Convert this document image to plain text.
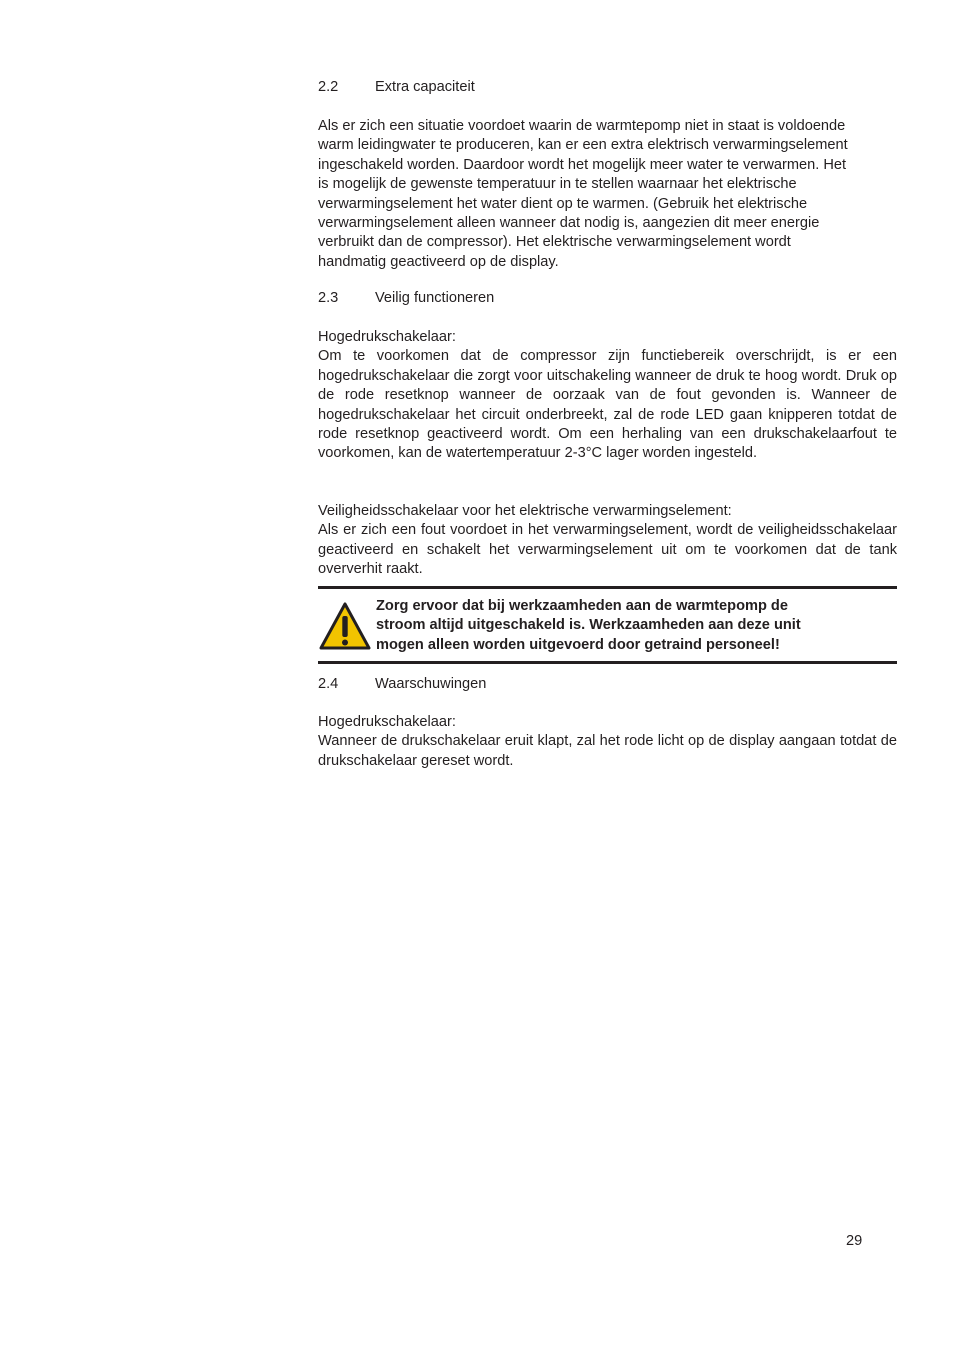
2.2	Extra capaciteit
Als er zich een situatie voordoet waarin de warmtepomp niet in staat is voldoende
warm leidingwater te produceren, kan er een extra elektrisch verwarmingselement
ingeschakeld worden. Daardoor wordt het mogelijk meer water te verwarmen. Het
is mogelijk de gewenste temperatuur in te stellen waarnaar het elektrische
verwarmingselement het water dient op te warmen. (Gebruik het elektrische
verwarmingselement alleen wanneer dat nodig is, aangezien dit meer energie
verbruikt dan de compressor). Het elektrische verwarmingselement wordt
handmatig geactiveerd op de display.
2.3	Veilig functioneren

Hogedrukschakelaar:

Om te voorkomen dat de compressor zijn functiebereik overschrijdt, is er een hogedrukschakelaar die zorgt voor uitschakeling wanneer de druk te hoog wordt. Druk op de rode resetknop wanneer de oorzaak van de fout gevonden is. Wanneer de hogedrukschakelaar het circuit onderbreekt, zal de rode LED gaan knipperen totdat de rode resetknop geactiveerd wordt. Om een herhaling van een drukschakelaarfout te voorkomen, kan de watertemperatuur 2-3°C lager worden ingesteld.

Veiligheidsschakelaar voor het elektrische verwarmingselement:

Als er zich een fout voordoet in het verwarmingselement, wordt de veiligheidsschakelaar geactiveerd en schakelt het verwarmingselement uit om te voorkomen dat de tank oververhit raakt.

Zorg ervoor dat bij werkzaamheden aan de warmtepomp de
stroom altijd uitgeschakeld is. Werkzaamheden aan deze unit
mogen alleen worden uitgevoerd door getraind personeel!
2.4	Waarschuwingen

Hogedrukschakelaar:

Wanneer de drukschakelaar eruit klapt, zal het rode licht op de display aangaan totdat de drukschakelaar gereset wordt.

29
